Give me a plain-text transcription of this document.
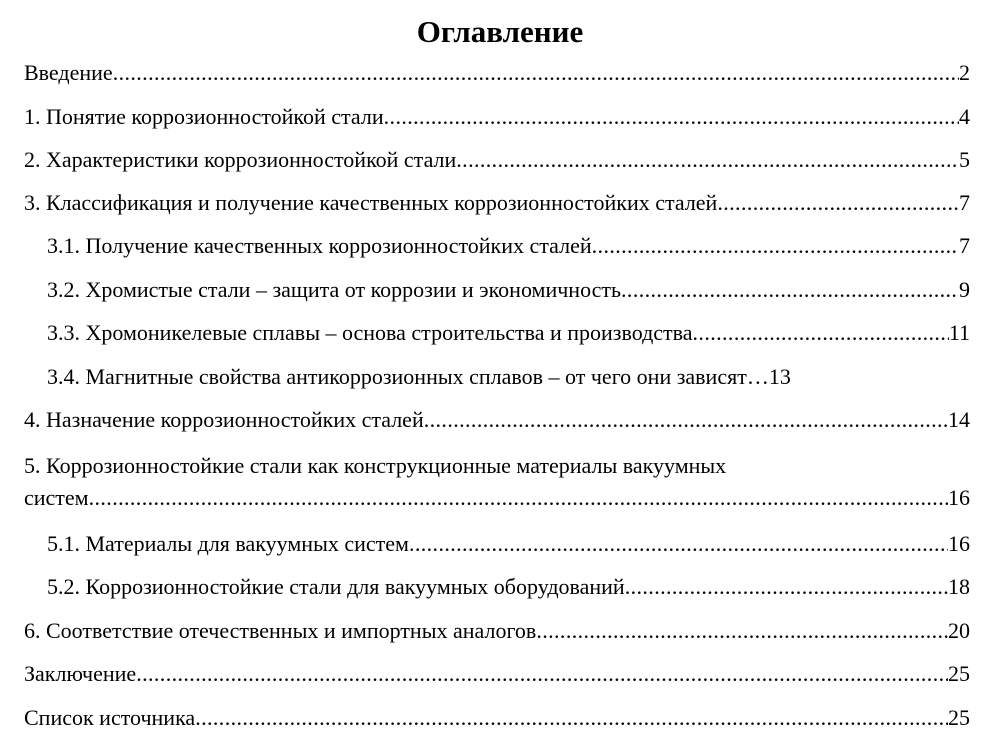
Оглавление
Введение .....	2
1. Понятие коррозионностойкой стали .....	4
2. Характеристики коррозионностойкой стали .....	5
3. Классификация и получение качественных коррозионностойких сталей .....	7
3.1. Получение качественных коррозионностойких сталей .....	7
3.2. Хромистые стали – защита от коррозии и экономичность .....	9
3.3. Хромоникелевые сплавы – основа строительства и производства .....	11
3.4. Магнитные свойства антикоррозионных сплавов – от чего они зависят… 13
4. Назначение коррозионностойких сталей .....	14
5. Коррозионностойкие стали как конструкционные материалы вакуумных
систем .....	16
5.1. Материалы для вакуумных систем .....	16
5.2. Коррозионностойкие стали для вакуумных оборудований .....	18
6. Соответствие отечественных и импортных аналогов .....	20
Заключение .....	25
Список источника .....	25
